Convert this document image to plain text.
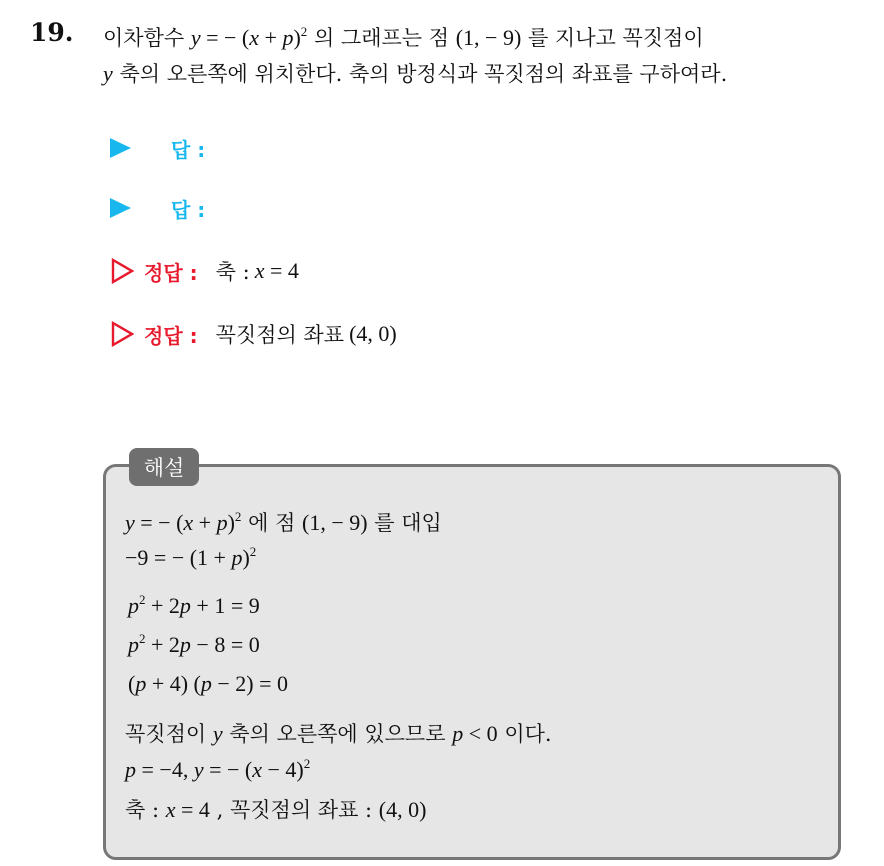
19. 이차함수 y = − $(x + p)^2$ 의 그래프는 점 (1, − 9) 를 지나고 꼭짓점이
y 축의 오른쪽에 위치한다. 축의 방정식과 꼭짓점의 좌표를 구하여라.
답 :
답 :
정답 : 축 :
x = 4
정답 : 꼭짓점의 좌표
(4, 0)
해설
y = − $(x + p)^2$ 에 점 (1, − 9) 를 대입
−9 = − $(1 + p)^2$
$p^2 + 2p + 1 = 9$
$p^2 + 2p - 8 = 0$
(p + 4) (p − 2) = 0
꼭짓점이 y 축의 오른쪽에 있으므로 p < 0 이다.
p = −4, y = − $(x - 4)^2$
축 : x = 4 , 꼭짓점의 좌표 : (4, 0)
